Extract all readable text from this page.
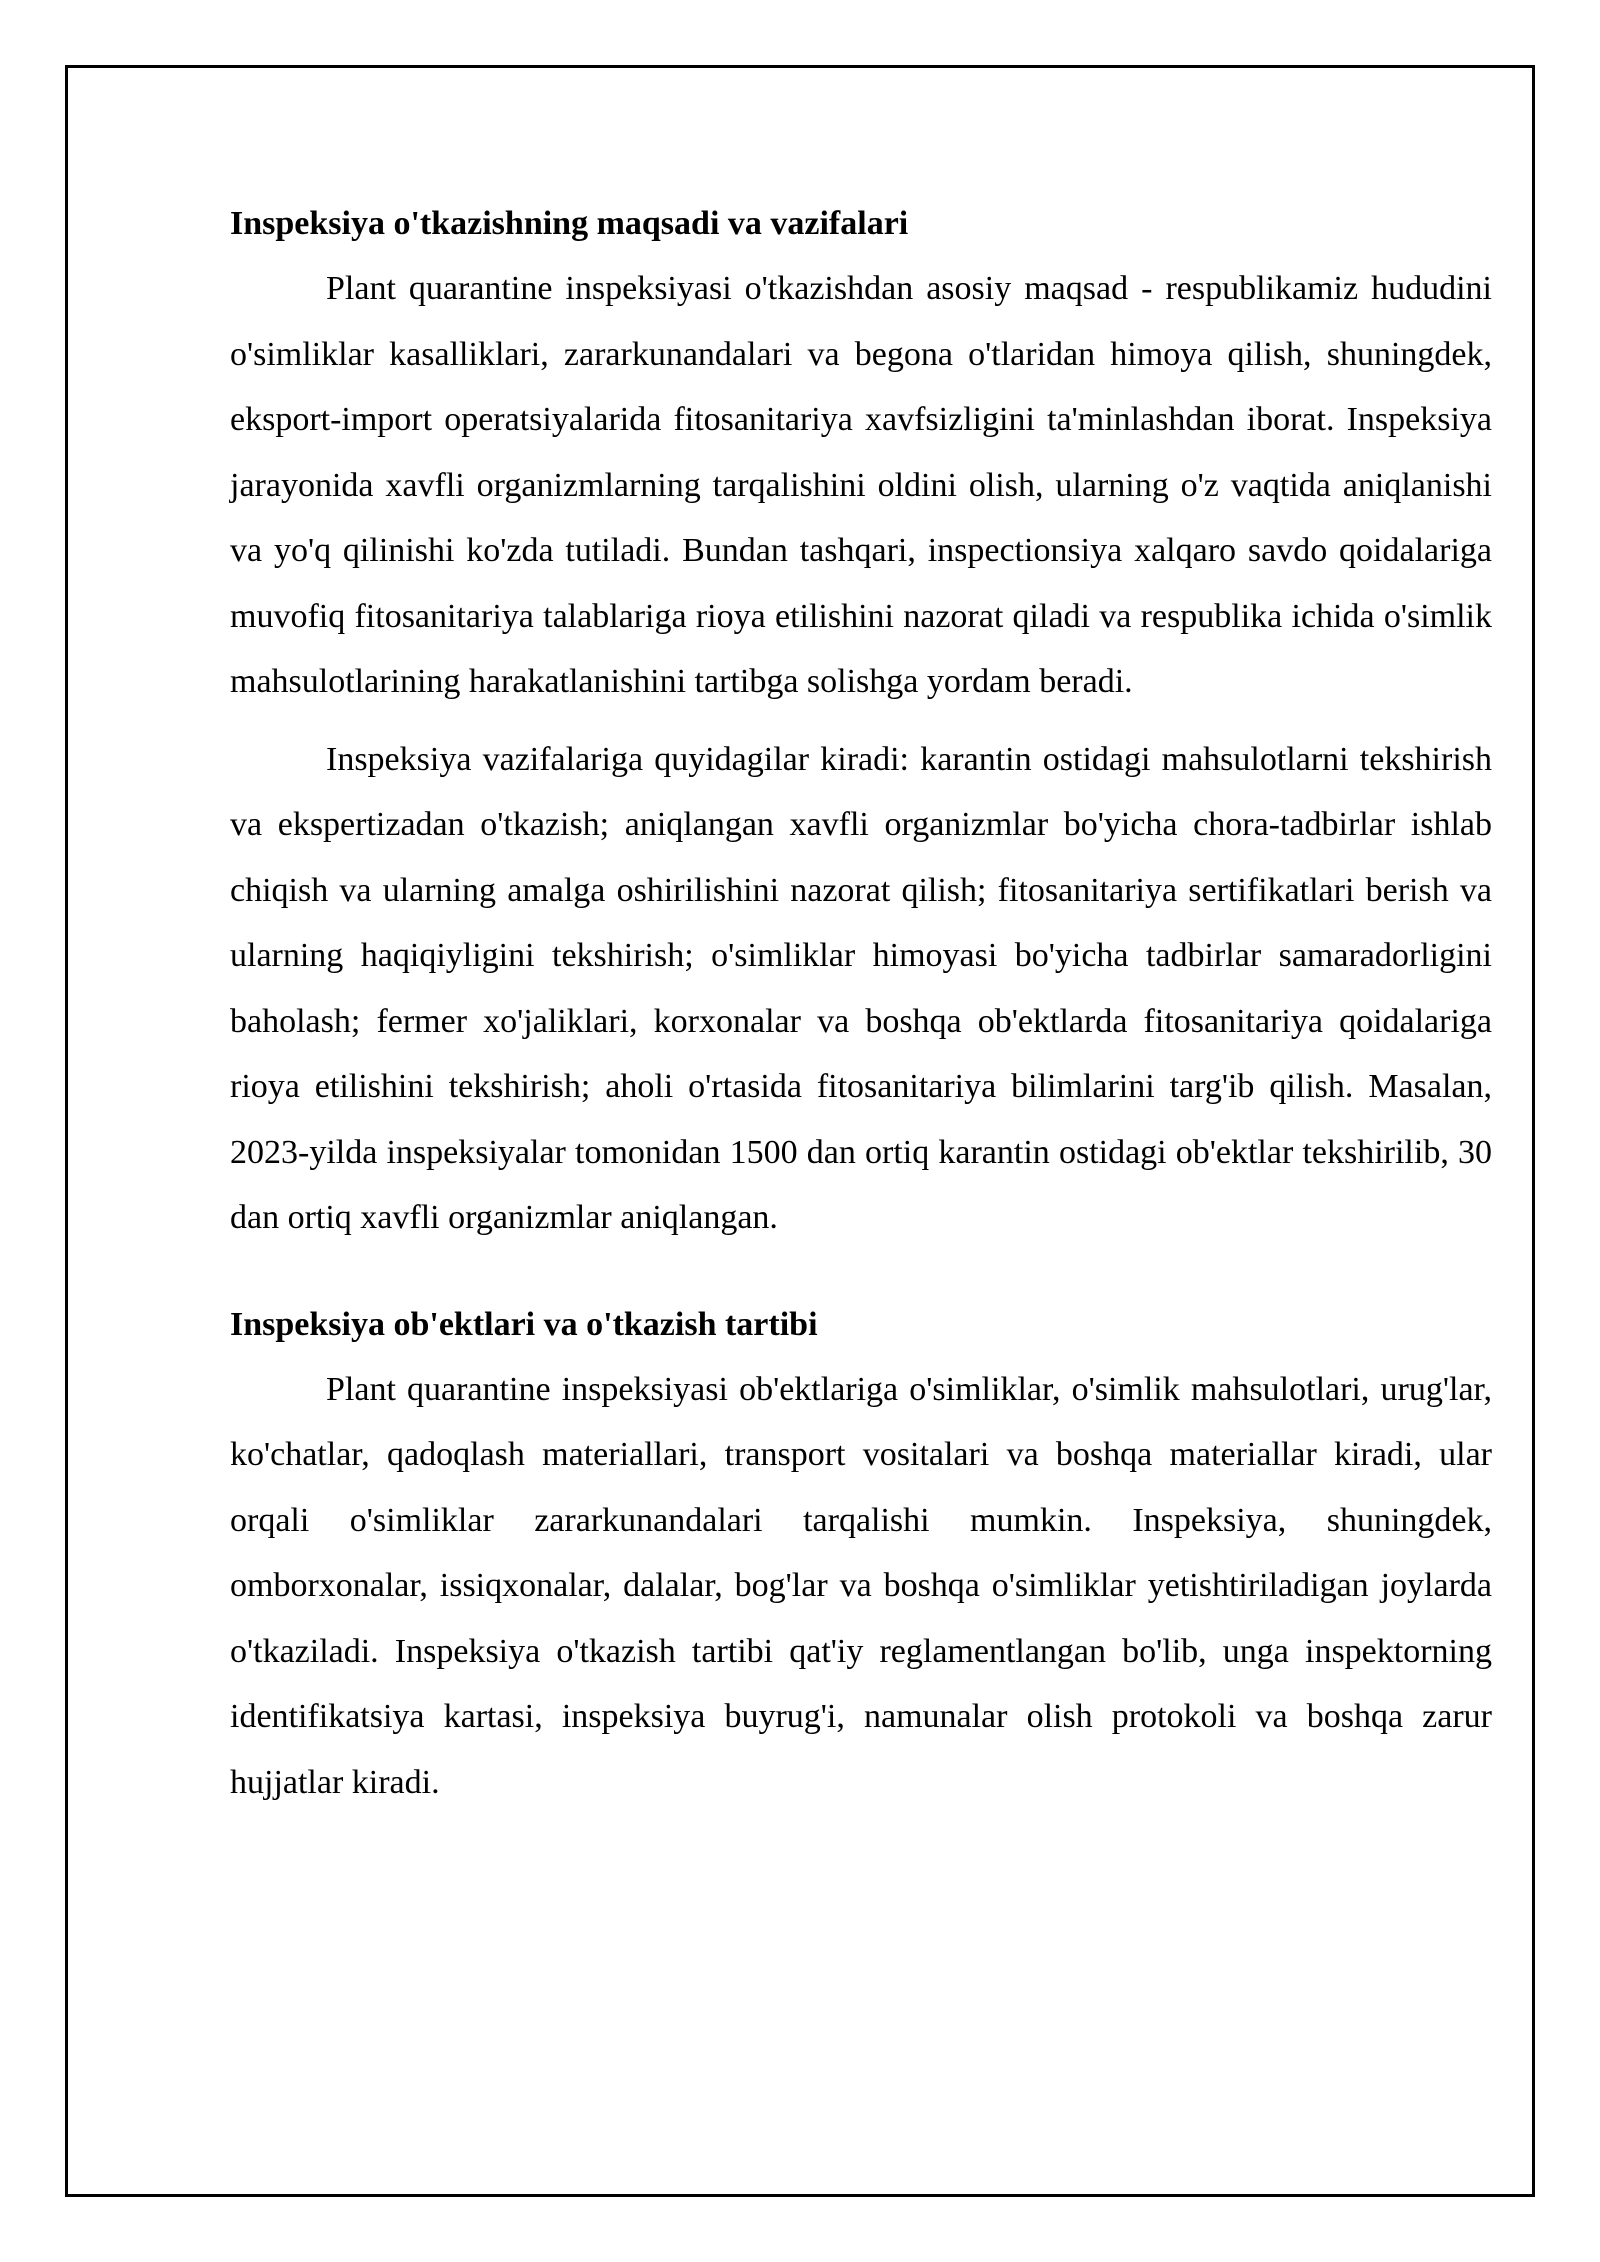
Inspeksiya o'tkazishning maqsadi va vazifalari

Plant quarantine inspeksiyasi o'tkazishdan asosiy maqsad - respublikamiz hududini o'simliklar kasalliklari, zararkunandalari va begona o'tlaridan himoya qilish, shuningdek, eksport-import operatsiyalarida fitosanitariya xavfsizligini ta'minlashdan iborat. Inspeksiya jarayonida xavfli organizmlarning tarqalishini oldini olish, ularning o'z vaqtida aniqlanishi va yo'q qilinishi ko'zda tutiladi. Bundan tashqari, inspectionsiya xalqaro savdo qoidalariga muvofiq fitosanitariya talablariga rioya etilishini nazorat qiladi va respublika ichida o'simlik mahsulotlarining harakatlanishini tartibga solishga yordam beradi.

Inspeksiya vazifalariga quyidagilar kiradi: karantin ostidagi mahsulotlarni tekshirish va ekspertizadan o'tkazish; aniqlangan xavfli organizmlar bo'yicha chora-tadbirlar ishlab chiqish va ularning amalga oshirilishini nazorat qilish; fitosanitariya sertifikatlari berish va ularning haqiqiyligini tekshirish; o'simliklar himoyasi bo'yicha tadbirlar samaradorligini baholash; fermer xo'jaliklari, korxonalar va boshqa ob'ektlarda fitosanitariya qoidalariga rioya etilishini tekshirish; aholi o'rtasida fitosanitariya bilimlarini targ'ib qilish. Masalan, 2023-yilda inspeksiyalar tomonidan 1500 dan ortiq karantin ostidagi ob'ektlar tekshirilib, 30 dan ortiq xavfli organizmlar aniqlangan.

Inspeksiya ob'ektlari va o'tkazish tartibi

Plant quarantine inspeksiyasi ob'ektlariga o'simliklar, o'simlik mahsulotlari, urug'lar, ko'chatlar, qadoqlash materiallari, transport vositalari va boshqa materiallar kiradi, ular orqali o'simliklar zararkunandalari tarqalishi mumkin. Inspeksiya, shuningdek, omborxonalar, issiqxonalar, dalalar, bog'lar va boshqa o'simliklar yetishtiriladigan joylarda o'tkaziladi. Inspeksiya o'tkazish tartibi qat'iy reglamentlangan bo'lib, unga inspektorning identifikatsiya kartasi, inspeksiya buyrug'i, namunalar olish protokoli va boshqa zarur hujjatlar kiradi.
